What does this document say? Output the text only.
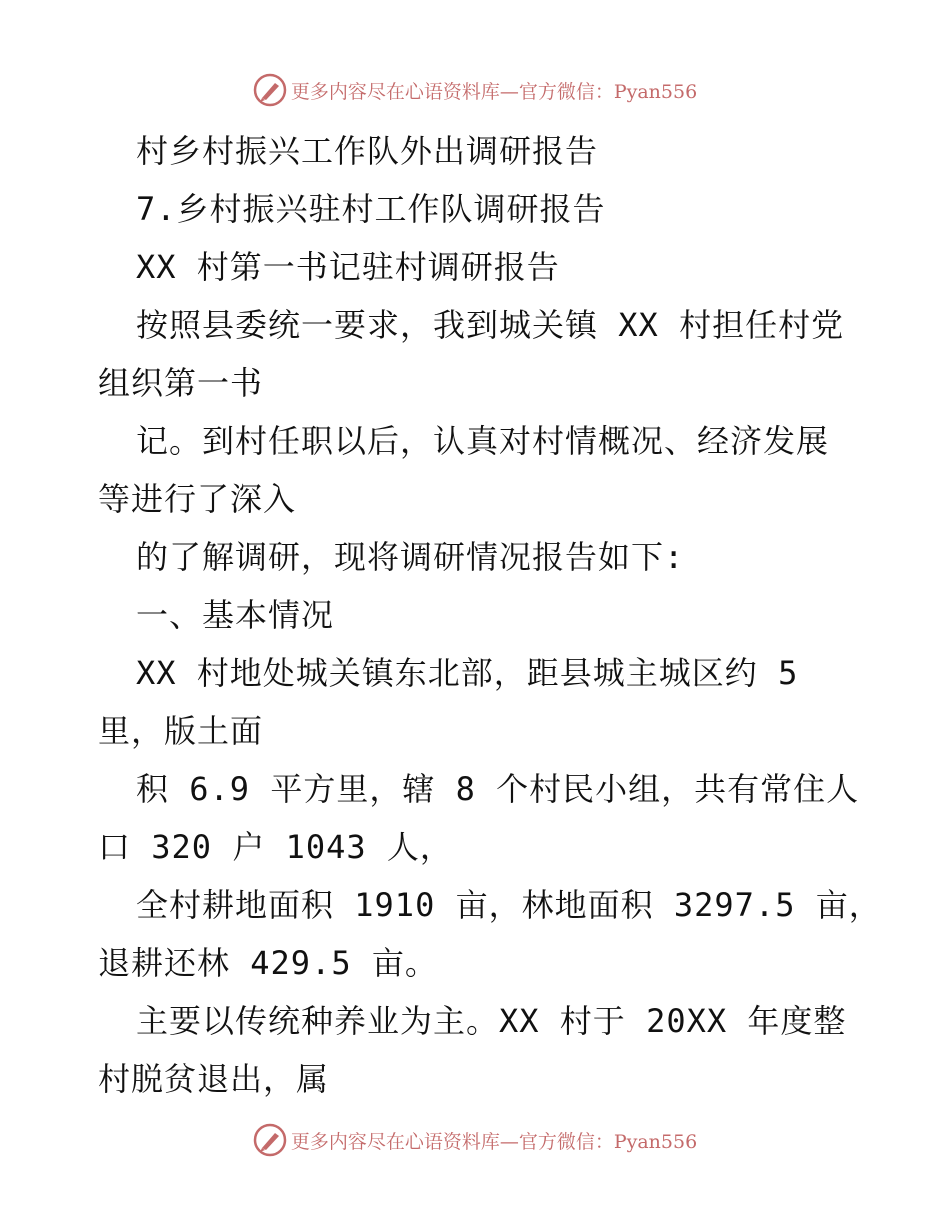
更多内容尽在心语资料库—官方微信：Pyan556
村乡村振兴工作队外出调研报告
7.乡村振兴驻村工作队调研报告
XX 村第一书记驻村调研报告
按照县委统一要求，我到城关镇 XX 村担任村党
组织第一书
记。到村任职以后，认真对村情概况、经济发展
等进行了深入
的了解调研，现将调研情况报告如下:
一、基本情况
XX 村地处城关镇东北部，距县城主城区约 5
里，版土面
积 6.9 平方里，辖 8 个村民小组，共有常住人
口 320 户 1043 人，
全村耕地面积 1910 亩，林地面积 3297.5 亩，
退耕还林 429.5 亩。
主要以传统种养业为主。XX 村于 20XX 年度整
村脱贫退出，属
更多内容尽在心语资料库—官方微信：Pyan556
